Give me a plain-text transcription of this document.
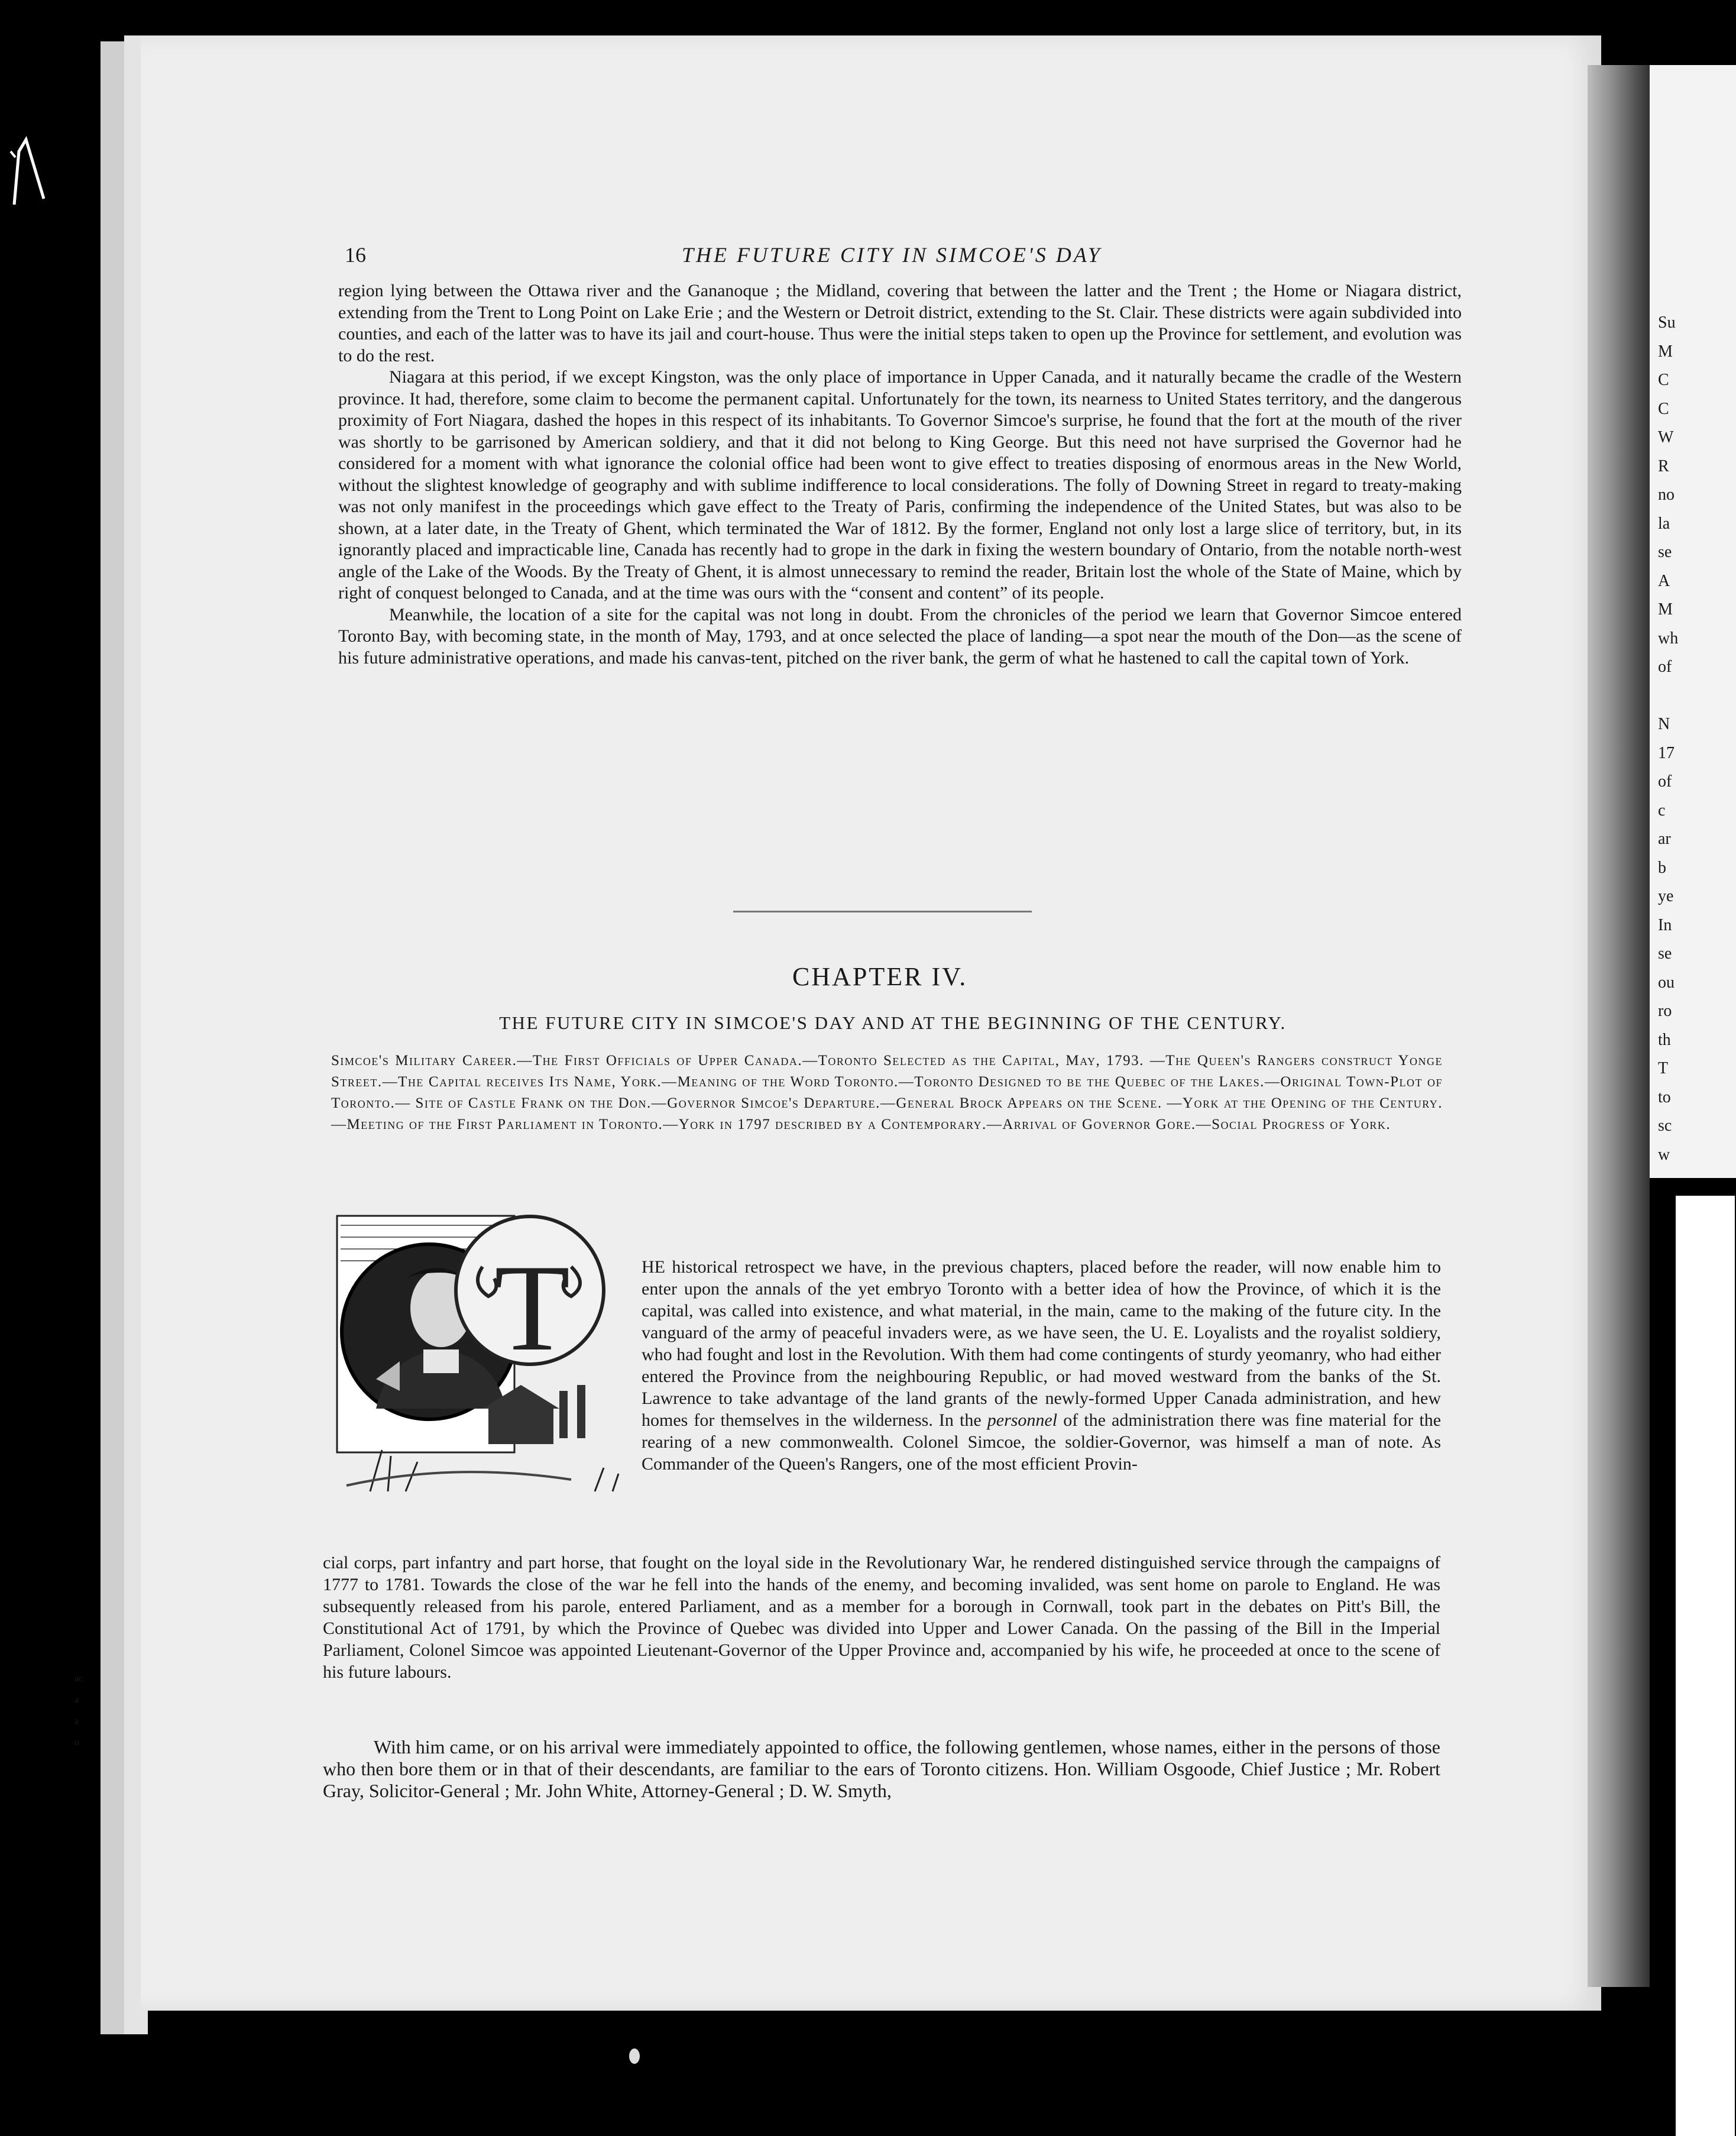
Su
M
C
C
W
R
no
la
se
A
M
wh
of
N
17
of
c
ar
b
ye
In
se
ou
ro
th
T
to
sc
w
16	THE FUTURE CITY IN SIMCOE'S DAY

region lying between the Ottawa river and the Gananoque ; the Midland, covering that between the latter and the Trent ; the Home or Niagara district, extending from the Trent to Long Point on Lake Erie ; and the Western or Detroit district, extending to the St. Clair. These districts were again subdivided into counties, and each of the latter was to have its jail and court-house. Thus were the initial steps taken to open up the Province for settlement, and evolution was to do the rest.

Niagara at this period, if we except Kingston, was the only place of importance in Upper Canada, and it naturally became the cradle of the Western province. It had, therefore, some claim to become the permanent capital. Unfortunately for the town, its nearness to United States territory, and the dangerous proximity of Fort Niagara, dashed the hopes in this respect of its inhabitants. To Governor Simcoe's surprise, he found that the fort at the mouth of the river was shortly to be garrisoned by American soldiery, and that it did not belong to King George. But this need not have surprised the Governor had he considered for a moment with what ignorance the colonial office had been wont to give effect to treaties disposing of enormous areas in the New World, without the slightest knowledge of geography and with sublime indifference to local considerations. The folly of Downing Street in regard to treaty-making was not only manifest in the proceedings which gave effect to the Treaty of Paris, confirming the independence of the United States, but was also to be shown, at a later date, in the Treaty of Ghent, which terminated the War of 1812. By the former, England not only lost a large slice of territory, but, in its ignorantly placed and impracticable line, Canada has recently had to grope in the dark in fixing the western boundary of Ontario, from the notable north-west angle of the Lake of the Woods. By the Treaty of Ghent, it is almost unnecessary to remind the reader, Britain lost the whole of the State of Maine, which by right of conquest belonged to Canada, and at the time was ours with the “consent and content” of its people.

Meanwhile, the location of a site for the capital was not long in doubt. From the chronicles of the period we learn that Governor Simcoe entered Toronto Bay, with becoming state, in the month of May, 1793, and at once selected the place of landing—a spot near the mouth of the Don—as the scene of his future administrative operations, and made his canvas-tent, pitched on the river bank, the germ of what he hastened to call the capital town of York.

CHAPTER IV.
THE FUTURE CITY IN SIMCOE'S DAY AND AT THE BEGINNING OF THE CENTURY.
Simcoe's Military Career.—The First Officials of Upper Canada.—Toronto Selected as the Capital, May, 1793. —The Queen's Rangers construct Yonge Street.—The Capital receives Its Name, York.—Meaning of the Word Toronto.—Toronto Designed to be the Quebec of the Lakes.—Original Town-Plot of Toronto.— Site of Castle Frank on the Don.—Governor Simcoe's Departure.—General Brock Appears on the Scene. —York at the Opening of the Century.—Meeting of the First Parliament in Toronto.—York in 1797 described by a Contemporary.—Arrival of Governor Gore.—Social Progress of York.
T	HE historical retrospect we have, in the previous chapters, placed before the reader, will now enable him to enter upon the annals of the yet embryo Toronto with a better idea of how the Province, of which it is the capital, was called into existence, and what material, in the main, came to the making of the future city. In the vanguard of the army of peaceful invaders were, as we have seen, the U. E. Loyalists and the royalist soldiery, who had fought and lost in the Revolution. With them had come contingents of sturdy yeomanry, who had either entered the Province from the neighbouring Republic, or had moved westward from the banks of the St. Lawrence to take advantage of the land grants of the newly-formed Upper Canada administration, and hew homes for themselves in the wilderness. In the personnel of the administration there was fine material for the rearing of a new commonwealth. Colonel Simcoe, the soldier-Governor, was himself a man of note. As Commander of the Queen's Rangers, one of the most efficient Provin-
cial corps, part infantry and part horse, that fought on the loyal side in the Revolutionary War, he rendered distinguished service through the campaigns of 1777 to 1781. Towards the close of the war he fell into the hands of the enemy, and becoming invalided, was sent home on parole to England. He was subsequently released from his parole, entered Parliament, and as a member for a borough in Cornwall, took part in the debates on Pitt's Bill, the Constitutional Act of 1791, by which the Province of Quebec was divided into Upper and Lower Canada. On the passing of the Bill in the Imperial Parliament, Colonel Simcoe was appointed Lieutenant-Governor of the Upper Province and, accompanied by his wife, he proceeded at once to the scene of his future labours.
With him came, or on his arrival were immediately appointed to office, the following gentlemen, whose names, either in the persons of those who then bore them or in that of their descendants, are familiar to the ears of Toronto citizens. Hon. William Osgoode, Chief Justice ; Mr. Robert Gray, Solicitor-General ; Mr. John White, Attorney-General ; D. W. Smyth,
ac
a
a
o
